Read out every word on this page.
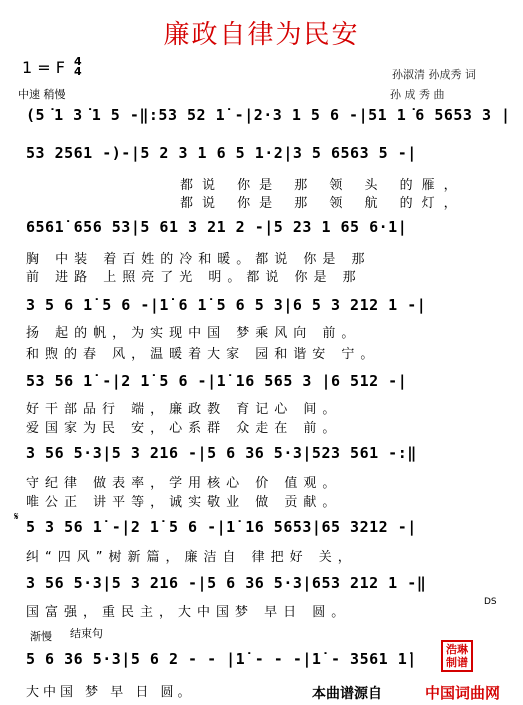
廉政自律为民安
1 = F 4
4
中速 稍慢
孙淑清 孙成秀 词
孙 成 秀 曲
(5͘1 3͘1 5 -‖:53 52 1̇ -|2·3 1 5 6 -|51 1͘6 5653 3 |
53 2561 -)-|5 2 3 1 6 5 1·2|3 5 6563 5 -|
都说 你是 那 领 头 的雁，
都说 你是 那 领 航 的灯，
6561̇ 656 53|5 61 3 21 2 -|5 23 1 65 6·1|
胸 中装 着百姓的冷和暖。都说 你是 那
前 进路 上照亮了光 明。都说 你是 那
3 5 6 1̇ 5 6 -|1̇ 6 1̇ 5 6 5 3|6 5 3 212 1 -|
扬 起的帆，为实现中国 梦乘风向 前。
和煦的春 风，温暖着大家 园和谐安 宁。
53 56 1̇ -|2 1̇ 5 6 -|1̇ 16 565 3 |6 512 -|
好干部品行 端，廉政教 育记心 间。
爱国家为民 安，心系群 众走在 前。
3 56 5·3|5 3 216 -|5 6 36 5·3|523 561 -:‖
守纪律 做表率，学用核心 价 值观。
唯公正 讲平等，诚实敬业 做 贡献。
𝄋
5 3 56 1̇ -|2 1̇ 5 6 -|1̇ 16 5653|65 3212 -|
纠“四风”树新篇，廉洁自 律把好 关，
3 56 5·3|5 3 216 -|5 6 36 5·3|653 212 1 -‖
DS
国富强，重民主，大中国梦 早日 圆。
渐慢 结束句
5 6 36 5·3|5 6 2 - - |1̇ - - -|1̇ - 3561 1̇|
大中国 梦 早 日 圆。
浩琳制谱
本曲谱源自	中国词曲网
